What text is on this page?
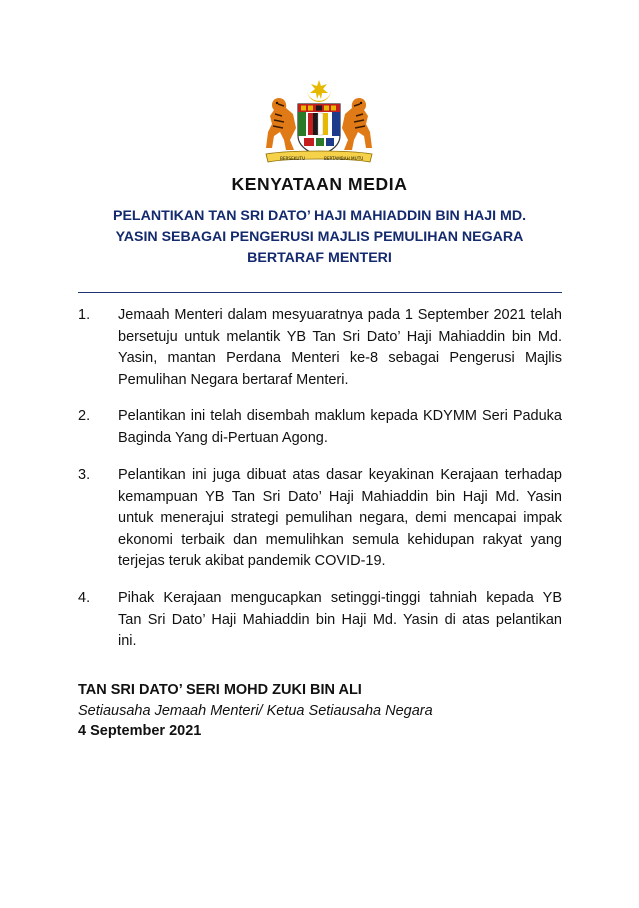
BERSEKUTU	BERTAMBAH MUTU
KENYATAAN MEDIA
PELANTIKAN TAN SRI DATO’ HAJI MAHIADDIN BIN HAJI MD.
YASIN SEBAGAI PENGERUSI MAJLIS PEMULIHAN NEGARA
BERTARAF MENTERI
1. Jemaah Menteri dalam mesyuaratnya pada 1 September 2021 telah
bersetuju untuk melantik YB Tan Sri Dato’ Haji Mahiaddin bin Md.
Yasin, mantan Perdana Menteri ke-8 sebagai Pengerusi Majlis
Pemulihan Negara bertaraf Menteri.
2. Pelantikan ini telah disembah maklum kepada KDYMM Seri Paduka
Baginda Yang di-Pertuan Agong.
3. Pelantikan ini juga dibuat atas dasar keyakinan Kerajaan terhadap
kemampuan YB Tan Sri Dato’ Haji Mahiaddin bin Haji Md. Yasin
untuk menerajui strategi pemulihan negara, demi mencapai impak
ekonomi terbaik dan memulihkan semula kehidupan rakyat yang
terjejas teruk akibat pandemik COVID-19.
4. Pihak Kerajaan mengucapkan setinggi-tinggi tahniah kepada YB
Tan Sri Dato’ Haji Mahiaddin bin Haji Md. Yasin di atas pelantikan
ini.
TAN SRI DATO’ SERI MOHD ZUKI BIN ALI
Setiausaha Jemaah Menteri/ Ketua Setiausaha Negara
4 September 2021
